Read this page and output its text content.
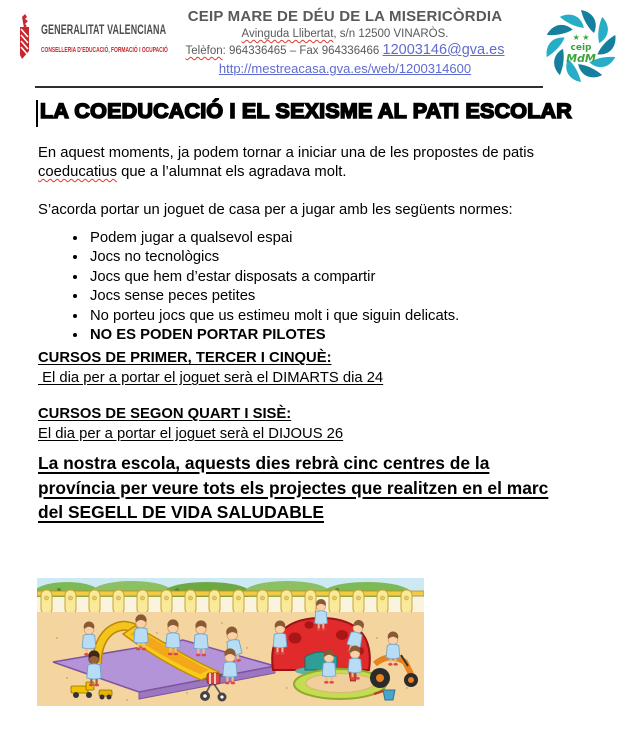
GENERALITAT VALENCIANA
CONSELLERIA D’EDUCACIÓ, FORMACIÓ I OCUPACIÓ
CEIP MARE DE DÉU DE LA MISERICÒRDIA
Avinguda Llibertat, s/n 12500 VINARÒS.
Telèfon: 964336465 – Fax 964336466 12003146@gva.es
http://mestreacasa.gva.es/web/1200314600
★ ★
ceip
MdM
LA COEDUCACIÓ I EL SEXISME AL PATI ESCOLAR

En aquest moments, ja podem tornar a iniciar una de les propostes de patis coeducatius que a l’alumnat els agradava molt.

S’acorda portar un joguet de casa per a jugar amb les següents normes:

• Podem jugar a qualsevol espai
• Jocs no tecnològics
• Jocs que hem d’estar disposats a compartir
• Jocs sense peces petites
• No porteu jocs que us estimeu molt i que siguin delicats.
• NO ES PODEN PORTAR PILOTES
CURSOS DE PRIMER, TERCER I CINQUÈ:
El dia per a portar el joguet serà el DIMARTS dia 24
CURSOS DE SEGON QUART I SISÈ:
El dia per a portar el joguet serà el DIJOUS 26
La nostra escola, aquests dies rebrà cinc centres de la
província per veure tots els projectes que realitzen en el marc
del SEGELL DE VIDA SALUDABLE
